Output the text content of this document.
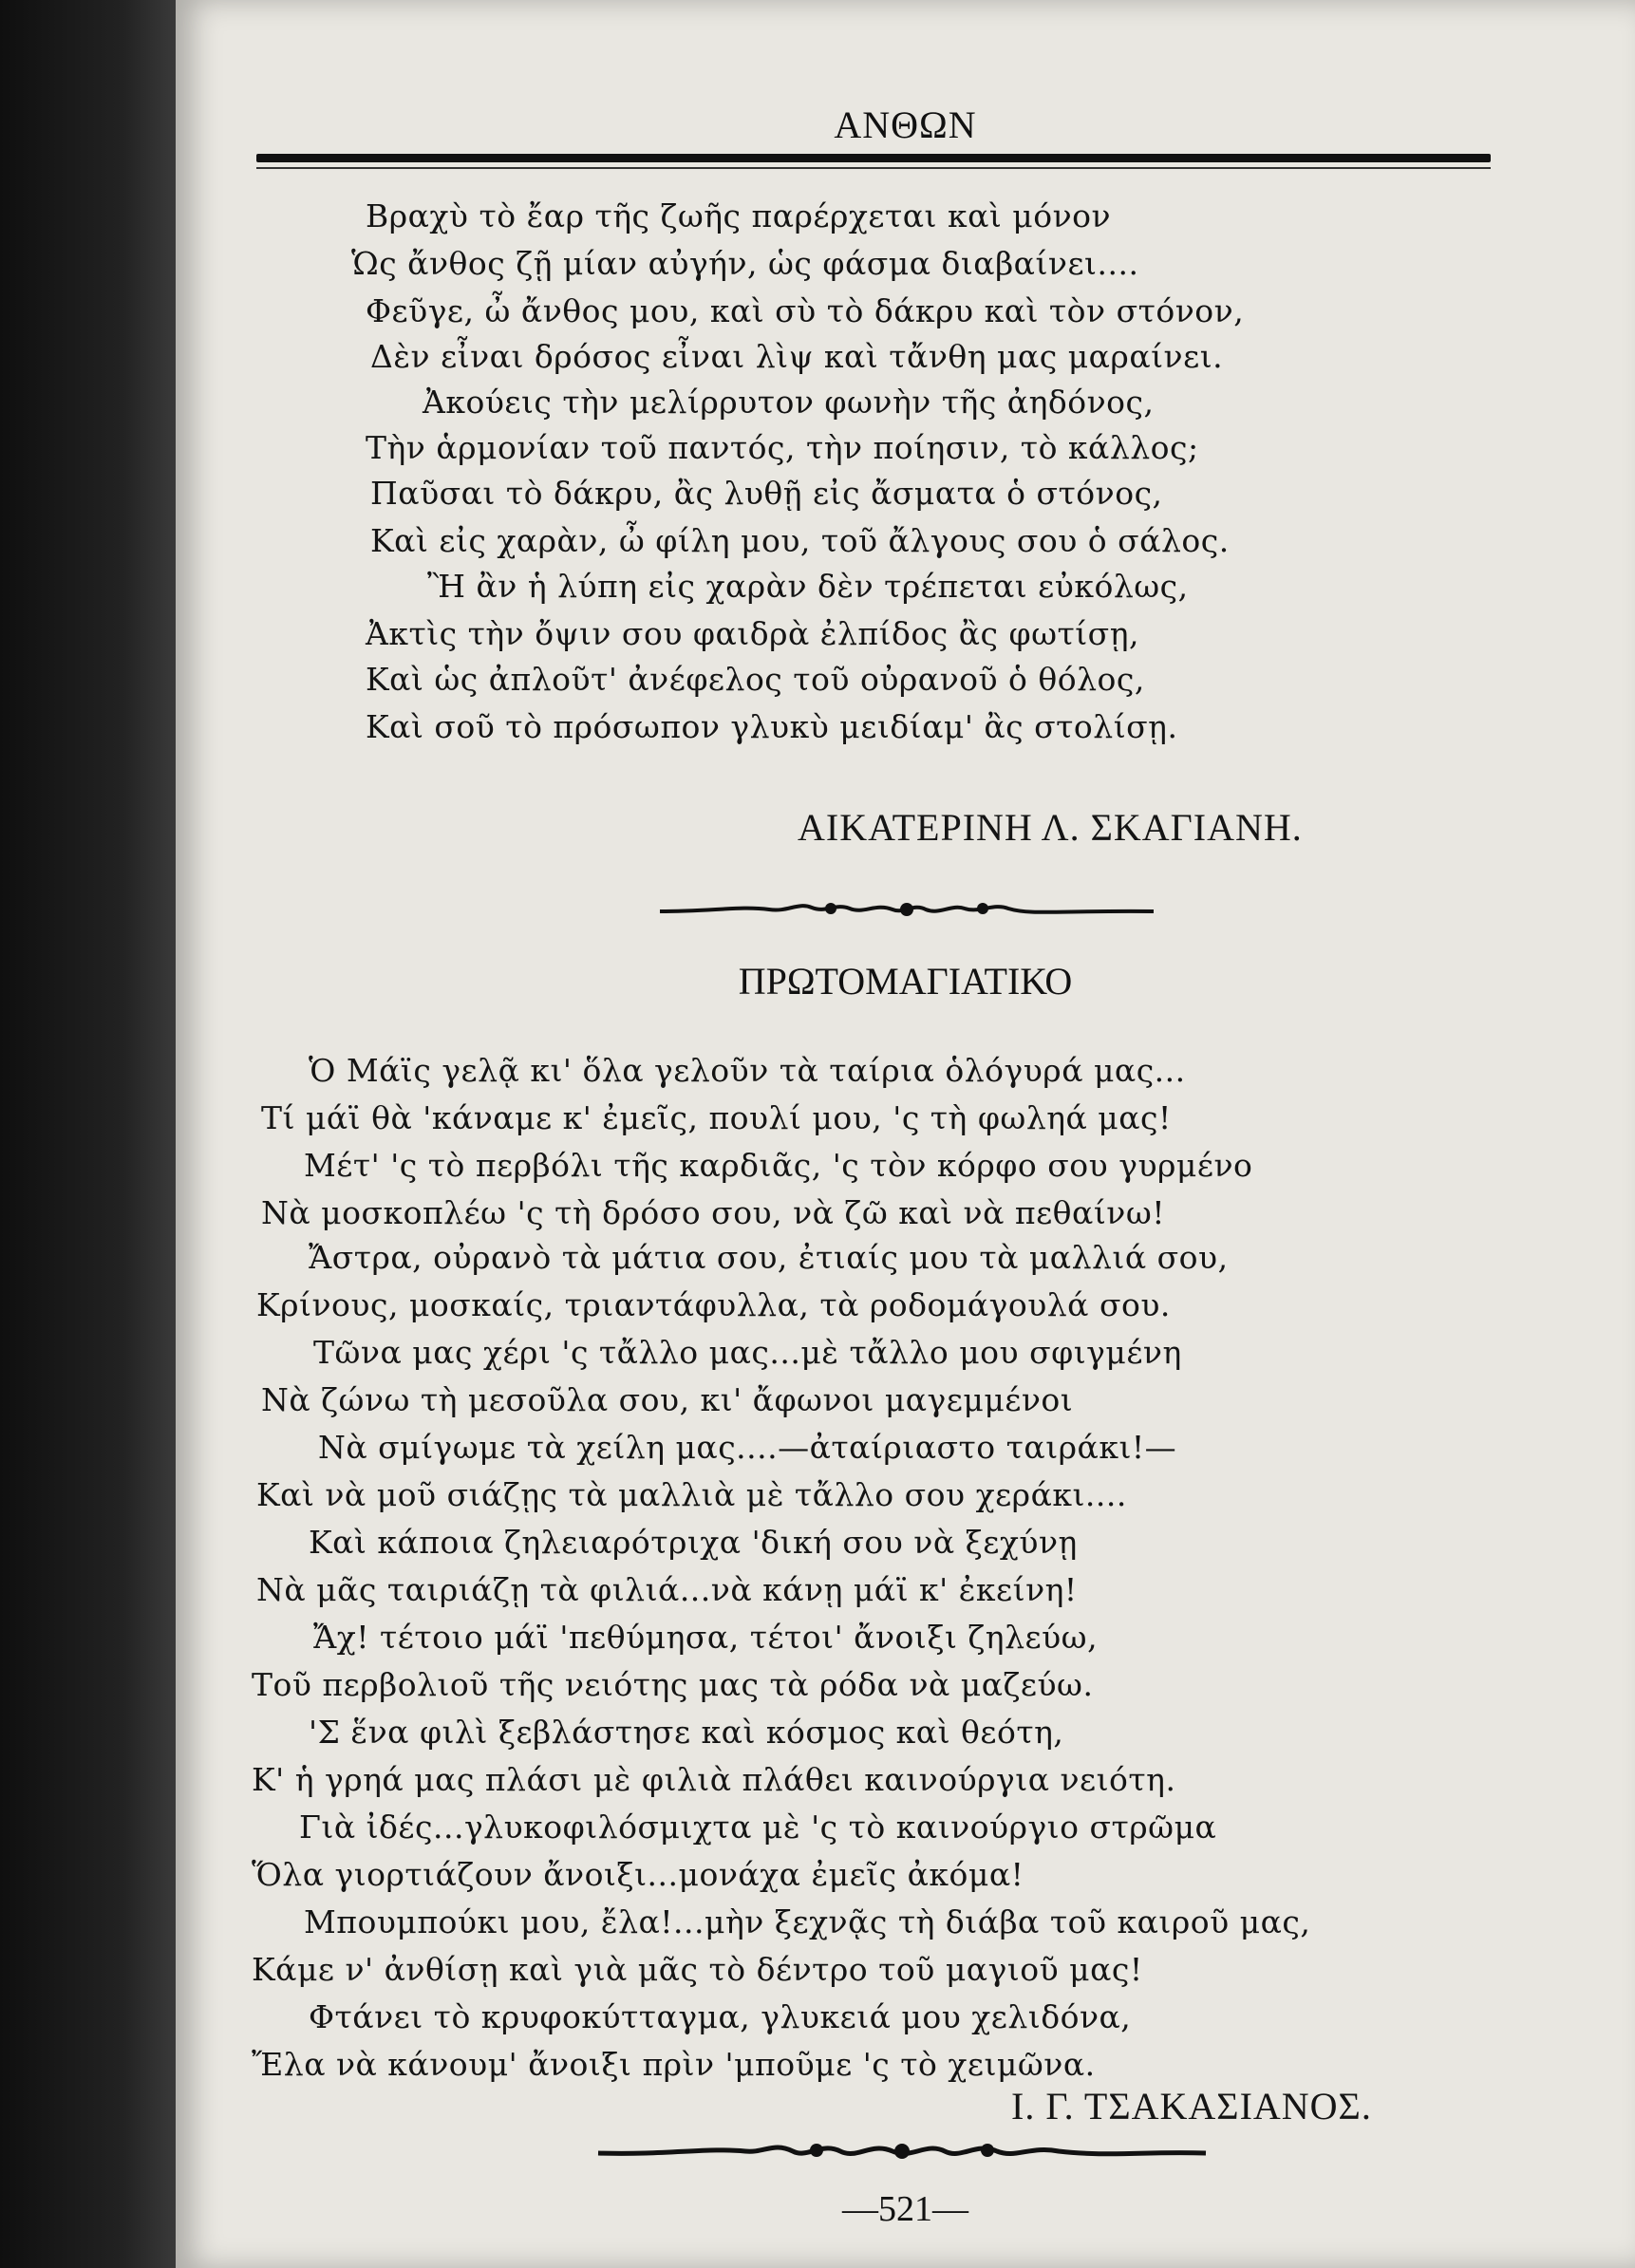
ΑΝΘΩΝ
Βραχὺ τὸ ἔαρ τῆς ζωῆς παρέρχεται καὶ μόνον
Ὡς ἄνθος ζῇ μίαν αὐγήν, ὡς φάσμα διαβαίνει....
Φεῦγε, ὦ ἄνθος μου, καὶ σὺ τὸ δάκρυ καὶ τὸν στόνον,
Δὲν εἶναι δρόσος εἶναι λὶψ καὶ τἄνθη μας μαραίνει.
Ἀκούεις τὴν μελίρρυτον φωνὴν τῆς ἀηδόνος,
Τὴν ἁρμονίαν τοῦ παντός, τὴν ποίησιν, τὸ κάλλος;
Παῦσαι τὸ δάκρυ, ἂς λυθῇ εἰς ἄσματα ὁ στόνος,
Καὶ εἰς χαρὰν, ὦ φίλη μου, τοῦ ἄλγους σου ὁ σάλος.
Ἢ ἂν ἡ λύπη εἰς χαρὰν δὲν τρέπεται εὐκόλως,
Ἀκτὶς τὴν ὄψιν σου φαιδρὰ ἐλπίδος ἂς φωτίσῃ,
Καὶ ὡς ἀπλοῦτ' ἀνέφελος τοῦ οὐρανοῦ ὁ θόλος,
Καὶ σοῦ τὸ πρόσωπον γλυκὺ μειδίαμ' ἂς στολίσῃ.
ΑΙΚΑΤΕΡΙΝΗ Λ. ΣΚΑΓΙΑΝΗ.
ΠΡΩΤΟΜΑΓΙΑΤΙΚΟ
Ὁ Μάϊς γελᾷ κι' ὅλα γελοῦν τὰ ταίρια ὁλόγυρά μας...
Τί μάϊ θὰ 'κάναμε κ' ἐμεῖς, πουλί μου, 'ς τὴ φωληά μας!
Μέτ' 'ς τὸ περβόλι τῆς καρδιᾶς, 'ς τὸν κόρφο σου γυρμένο
Νὰ μοσκοπλέω 'ς τὴ δρόσο σου, νὰ ζῶ καὶ νὰ πεθαίνω!
Ἄστρα, οὐρανὸ τὰ μάτια σου, ἐτιαίς μου τὰ μαλλιά σου,
Κρίνους, μοσκαίς, τριαντάφυλλα, τὰ ροδομάγουλά σου.
Τῶνα μας χέρι 'ς τἄλλο μας...μὲ τἄλλο μου σφιγμένη
Νὰ ζώνω τὴ μεσοῦλα σου, κι' ἄφωνοι μαγεμμένοι
Νὰ σμίγωμε τὰ χείλη μας....—ἀταίριαστο ταιράκι!—
Καὶ νὰ μοῦ σιάζῃς τὰ μαλλιὰ μὲ τἄλλο σου χεράκι....
Καὶ κάποια ζηλειαρότριχα 'δική σου νὰ ξεχύνῃ
Νὰ μᾶς ταιριάζῃ τὰ φιλιά...νὰ κάνῃ μάϊ κ' ἐκείνη!
Ἄχ! τέτοιο μάϊ 'πεθύμησα, τέτοι' ἄνοιξι ζηλεύω,
Τοῦ περβολιοῦ τῆς νειότης μας τὰ ρόδα νὰ μαζεύω.
'Σ ἕνα φιλὶ ξεβλάστησε καὶ κόσμος καὶ θεότη,
Κ' ἡ γρηά μας πλάσι μὲ φιλιὰ πλάθει καινούργια νειότη.
Γιὰ ἰδές...γλυκοφιλόσμιχτα μὲ 'ς τὸ καινούργιο στρῶμα
Ὅλα γιορτιάζουν ἄνοιξι...μονάχα ἐμεῖς ἀκόμα!
Μπουμπούκι μου, ἔλα!...μὴν ξεχνᾷς τὴ διάβα τοῦ καιροῦ μας,
Κάμε ν' ἀνθίσῃ καὶ γιὰ μᾶς τὸ δέντρο τοῦ μαγιοῦ μας!
Φτάνει τὸ κρυφοκύτταγμα, γλυκειά μου χελιδόνα,
Ἔλα νὰ κάνουμ' ἄνοιξι πρὶν 'μποῦμε 'ς τὸ χειμῶνα.
Ι. Γ. ΤΣΑΚΑΣΙΑΝΟΣ.
—521—
